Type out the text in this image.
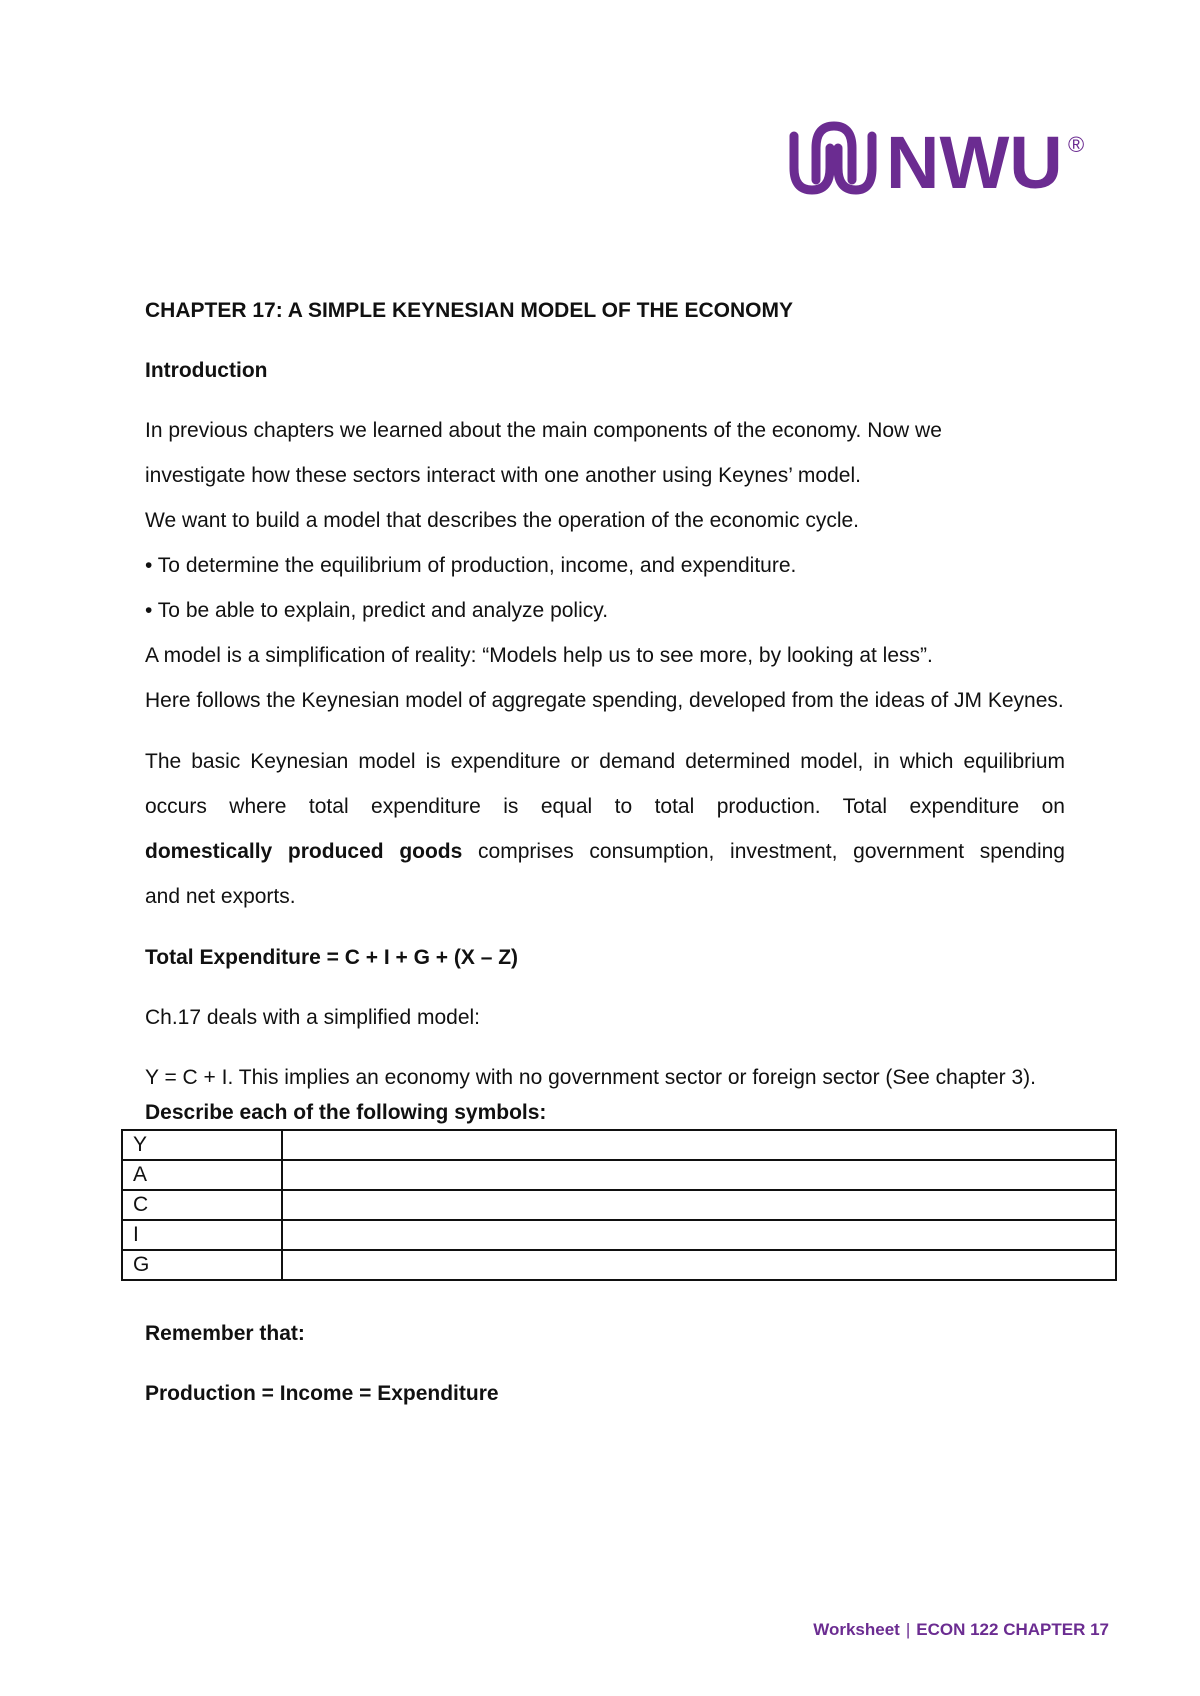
NWU ®

CHAPTER 17: A SIMPLE KEYNESIAN MODEL OF THE ECONOMY

Introduction

In previous chapters we learned about the main components of the economy. Now we

investigate how these sectors interact with one another using Keynes’ model.

We want to build a model that describes the operation of the economic cycle.

• To determine the equilibrium of production, income, and expenditure.

• To be able to explain, predict and analyze policy.

A model is a simplification of reality: “Models help us to see more, by looking at less”.

Here follows the Keynesian model of aggregate spending, developed from the ideas of JM Keynes.

The basic Keynesian model is expenditure or demand determined model, in which equilibrium

occurs where total expenditure is equal to total production. Total expenditure on

domestically produced goods comprises consumption, investment, government spending

and net exports.

Total Expenditure = C + I + G + (X – Z)

Ch.17 deals with a simplified model:

Y = C + I. This implies an economy with no government sector or foreign sector (See chapter 3).

Describe each of the following symbols:
Y	
A	
C	
I	
G	
Remember that:
Production = Income = Expenditure
Worksheet | ECON 122 CHAPTER 17
